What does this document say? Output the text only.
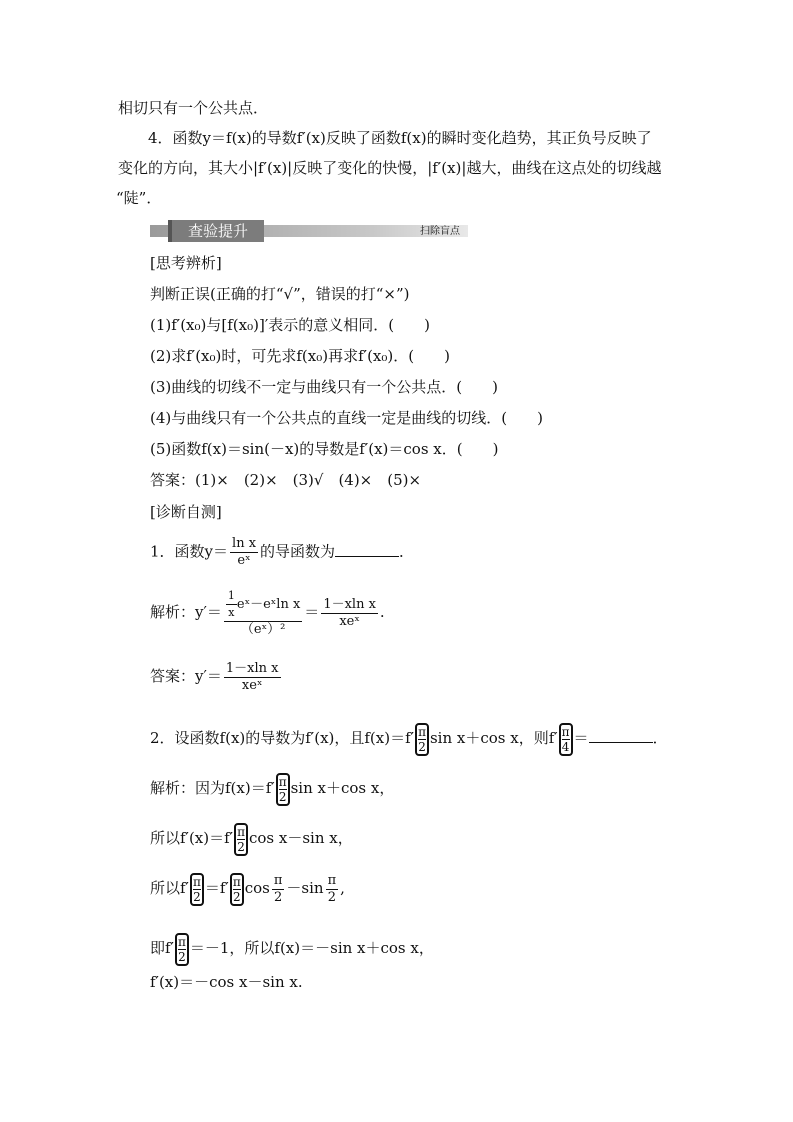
相切只有一个公共点．
4．函数y＝f(x)的导数f′(x)反映了函数f(x)的瞬时变化趋势，其正负号反映了
变化的方向，其大小|f′(x)|反映了变化的快慢，|f′(x)|越大，曲线在这点处的切线越
“陡”．
查验提升	扫除盲点
[思考辨析]
判断正误(正确的打“√”，错误的打“×”)
(1)f′(x₀)与[f(x₀)]′表示的意义相同．(　　)
(2)求f′(x₀)时，可先求f(x₀)再求f′(x₀)．(　　)
(3)曲线的切线不一定与曲线只有一个公共点．(　　)
(4)与曲线只有一个公共点的直线一定是曲线的切线．(　　)
(5)函数f(x)＝sin(－x)的导数是f′(x)＝cos x．(　　)
答案：(1)×　(2)×　(3)√　(4)×　(5)×
[诊断自测]
1．函数$y= \frac{\text{ln x}}{\text{eˣ}}$ 的导函数为	．
解析：$y'= \frac{\frac{1}{x} eˣ-eˣ\ln x}{\text{（eˣ）²}} = \frac{\text{1－xln x}}{\text{xeˣ}}$ .
答案：$y'= \frac{\text{1－xln x}}{\text{xeˣ}}$
2．设函数f(x)的导数为f′(x)，且$f(x)=f' \frac{\pi}{2}\sin$ x＋cos x，则$f' \frac{\pi}{4}=$	．
解析：因为$f(x)=f' \frac{\pi}{2}\sin$ x＋cos x，
所以$f'(x)=f' \frac{\pi}{2}\cos$ x－sin x，
所以$f' \frac{\pi}{2}=f' \frac{\pi}{2}\cos \frac{\pi}{2} -\sin \frac{\pi}{2}$ ,
即$f' \frac{\pi}{2}=-1$，所以f(x)＝－sin x＋cos x，
f′(x)＝－cos x－sin x.
